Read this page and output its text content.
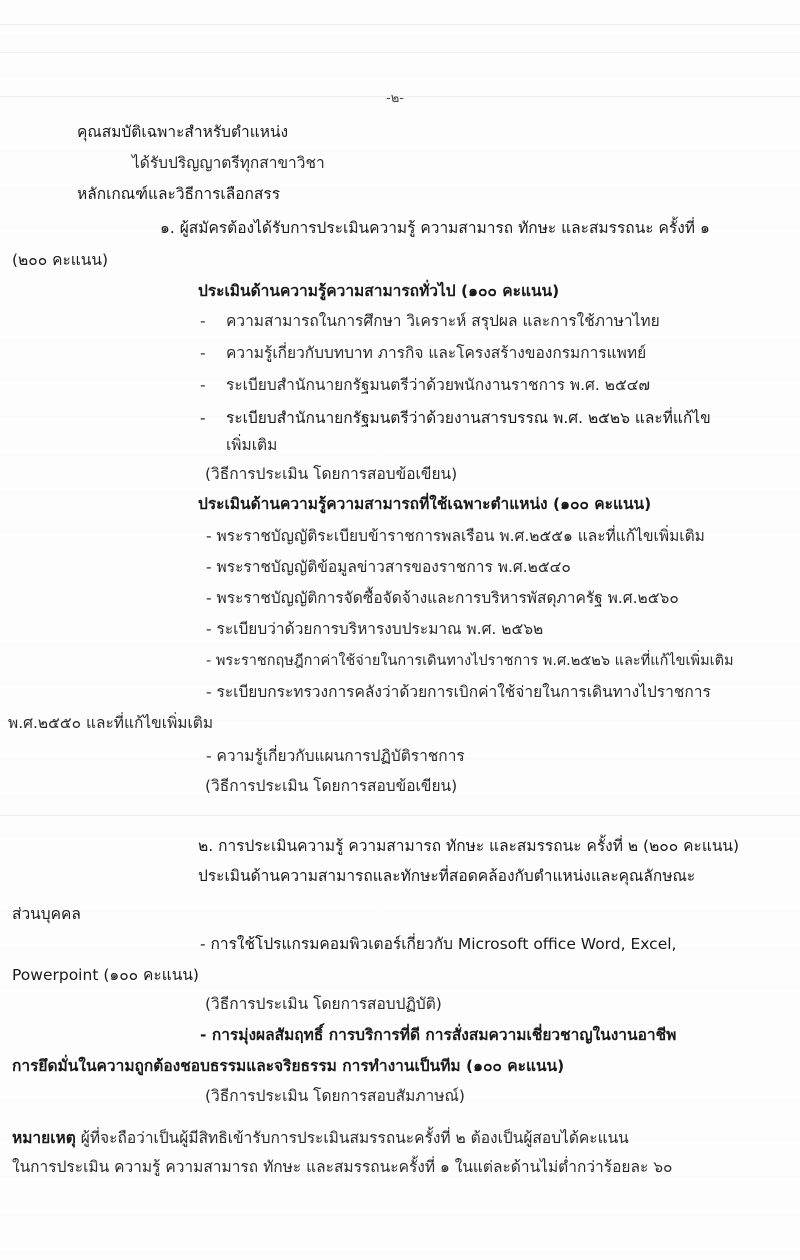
-๒-
คุณสมบัติเฉพาะสำหรับตำแหน่ง
ได้รับปริญญาตรีทุกสาขาวิชา
หลักเกณฑ์และวิธีการเลือกสรร
๑. ผู้สมัครต้องได้รับการประเมินความรู้ ความสามารถ ทักษะ และสมรรถนะ ครั้งที่ ๑
(๒๐๐ คะแนน)
ประเมินด้านความรู้ความสามารถทั่วไป (๑๐๐ คะแนน)
- ความสามารถในการศึกษา วิเคราะห์ สรุปผล และการใช้ภาษาไทย
- ความรู้เกี่ยวกับบทบาท ภารกิจ และโครงสร้างของกรมการแพทย์
- ระเบียบสำนักนายกรัฐมนตรีว่าด้วยพนักงานราชการ พ.ศ. ๒๕๔๗
- ระเบียบสำนักนายกรัฐมนตรีว่าด้วยงานสารบรรณ พ.ศ. ๒๕๒๖ และที่แก้ไข
เพิ่มเติม
(วิธีการประเมิน โดยการสอบข้อเขียน)
ประเมินด้านความรู้ความสามารถที่ใช้เฉพาะตำแหน่ง (๑๐๐ คะแนน)
- พระราชบัญญัติระเบียบข้าราชการพลเรือน พ.ศ.๒๕๕๑ และที่แก้ไขเพิ่มเติม
- พระราชบัญญัติข้อมูลข่าวสารของราชการ พ.ศ.๒๕๔๐
- พระราชบัญญัติการจัดซื้อจัดจ้างและการบริหารพัสดุภาครัฐ พ.ศ.๒๕๖๐
- ระเบียบว่าด้วยการบริหารงบประมาณ พ.ศ. ๒๕๖๒
- พระราชกฤษฎีกาค่าใช้จ่ายในการเดินทางไปราชการ พ.ศ.๒๕๒๖ และที่แก้ไขเพิ่มเติม
- ระเบียบกระทรวงการคลังว่าด้วยการเบิกค่าใช้จ่ายในการเดินทางไปราชการ
พ.ศ.๒๕๕๐ และที่แก้ไขเพิ่มเติม
- ความรู้เกี่ยวกับแผนการปฏิบัติราชการ
(วิธีการประเมิน โดยการสอบข้อเขียน)
๒. การประเมินความรู้ ความสามารถ ทักษะ และสมรรถนะ ครั้งที่ ๒ (๒๐๐ คะแนน)
ประเมินด้านความสามารถและทักษะที่สอดคล้องกับตำแหน่งและคุณลักษณะ
ส่วนบุคคล
- การใช้โปรแกรมคอมพิวเตอร์เกี่ยวกับ Microsoft office Word, Excel,
Powerpoint (๑๐๐ คะแนน)
(วิธีการประเมิน โดยการสอบปฏิบัติ)
- การมุ่งผลสัมฤทธิ์ การบริการที่ดี การสั่งสมความเชี่ยวชาญในงานอาชีพ
การยึดมั่นในความถูกต้องชอบธรรมและจริยธรรม การทำงานเป็นทีม (๑๐๐ คะแนน)
(วิธีการประเมิน โดยการสอบสัมภาษณ์)
หมายเหตุ ผู้ที่จะถือว่าเป็นผู้มีสิทธิเข้ารับการประเมินสมรรถนะครั้งที่ ๒ ต้องเป็นผู้สอบได้คะแนน
ในการประเมิน ความรู้ ความสามารถ ทักษะ และสมรรถนะครั้งที่ ๑ ในแต่ละด้านไม่ต่ำกว่าร้อยละ ๖๐
